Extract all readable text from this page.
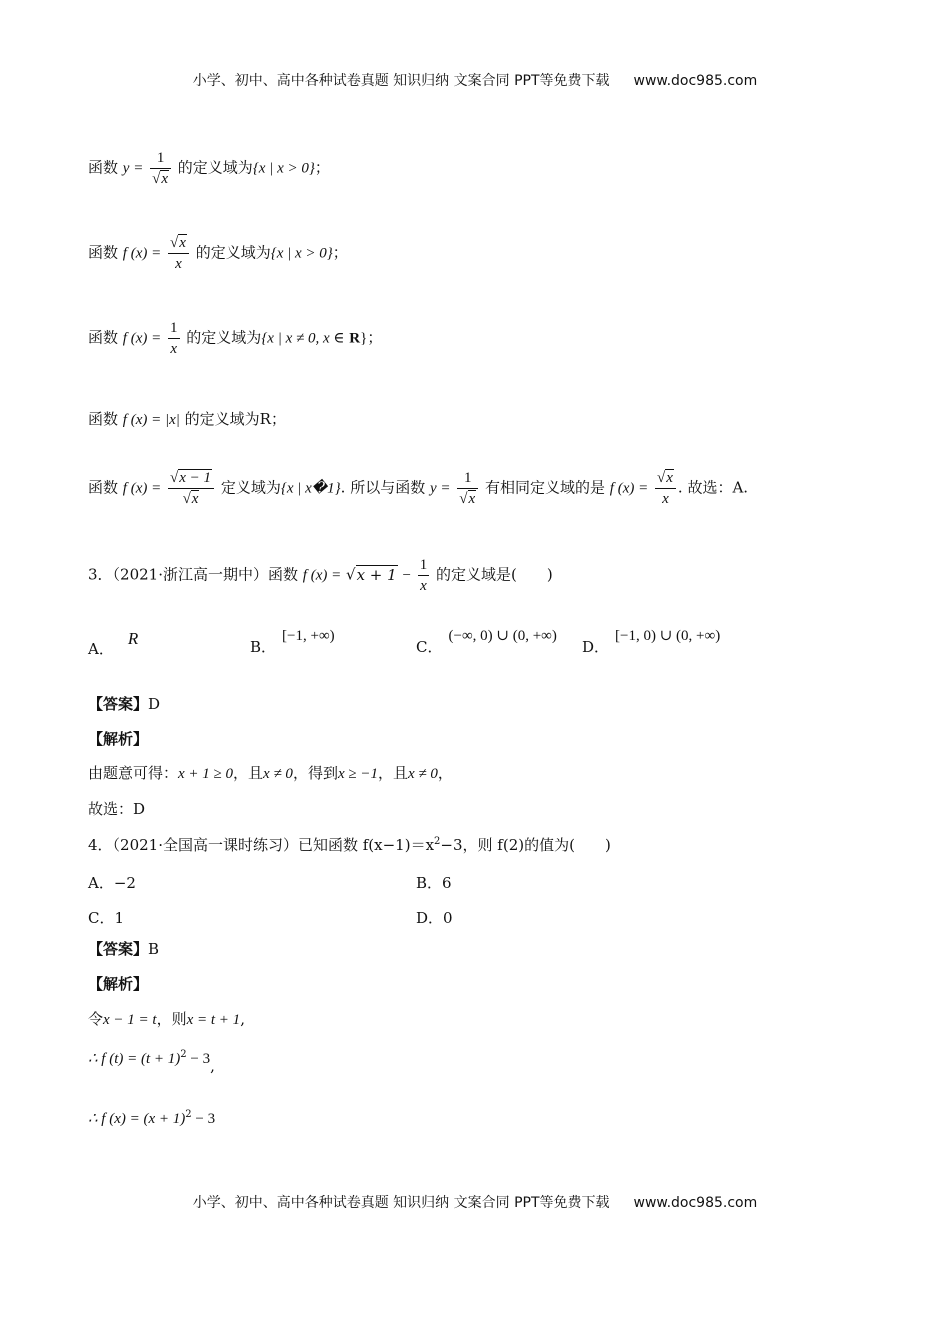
小学、初中、高中各种试卷真题 知识归纳 文案合同 PPT等免费下载 www.doc985.com
函数 $y = \frac{1}{√x}$ 的定义域为{x | x > 0}；
函数 f $(x) = \frac{√x}{x}$ 的定义域为{x | x > 0}；
函数 f $(x) = \frac{1}{x}$ 的定义域为{x | x ≠ 0, x ∈ R}；
函数 f (x) = |x| 的定义域为R；
函数 f $(x) = \frac{√x - 1}{√x}$ 定义域为{x | x�1}. 所以与函数 $y = \frac{1}{√x}$ 有相同定义域的是 f $(x) = \frac{√x}{x}$ . 故选：A.
3．（2021·浙江高一期中）函数 f $(x) = √x + 1 - \frac{1}{x}$ 的定义域是(　　)
A．R	B．[−1, +∞)
C．(−∞, 0) ∪ (0, +∞)
D．[−1, 0) ∪ (0, +∞)
【答案】D
【解析】
由题意可得：x + 1 ≥ 0，且x ≠ 0，得到x ≥ −1，且x ≠ 0，
故选：D
4．（2021·全国高一课时练习）已知函数 $f(x-1)=x^2-3$，则 f(2)的值为(　　)
A．−2	B．6
C．1	D．0
【答案】B
【解析】
令x − 1 = t，则x = t + 1,
∴ f $(t) = (t + 1)^2 - 3$,
∴ f $(x) = (x + 1)^2 - 3$
小学、初中、高中各种试卷真题 知识归纳 文案合同 PPT等免费下载 www.doc985.com
